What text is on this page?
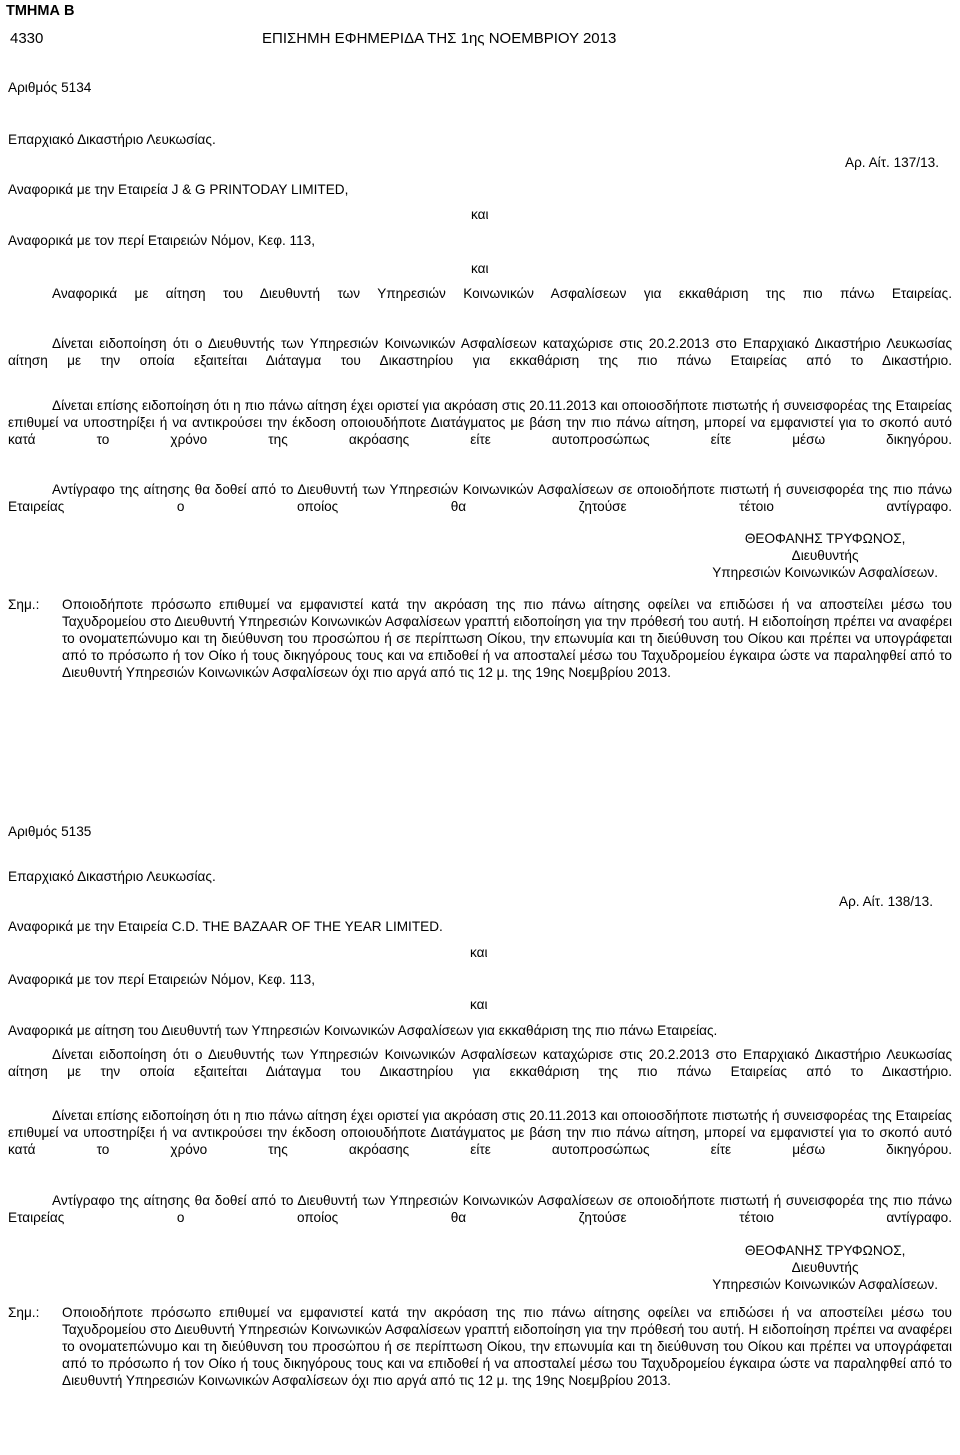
ΤΜΗΜΑ Β
4330	ΕΠΙΣΗΜΗ ΕΦΗΜΕΡΙΔΑ ΤΗΣ 1ης ΝΟΕΜΒΡΙΟΥ 2013
Αριθμός 5134
Επαρχιακό Δικαστήριο Λευκωσίας.
Αρ. Αίτ. 137/13.
Αναφορικά με την Εταιρεία J & G PRINTODAY LIMITED,
και
Αναφορικά με τον περί Εταιρειών Νόμον, Κεφ. 113,
και
Αναφορικά με αίτηση του Διευθυντή των Υπηρεσιών Κοινωνικών Ασφαλίσεων για εκκαθάριση της πιο πάνω Εταιρείας.
Δίνεται ειδοποίηση ότι ο Διευθυντής των Υπηρεσιών Κοινωνικών Ασφαλίσεων καταχώρισε στις 20.2.2013 στο Επαρχιακό Δικαστήριο Λευκωσίας αίτηση με την οποία εξαιτείται Διάταγμα του Δικαστηρίου για εκκαθάριση της πιο πάνω Εταιρείας από το Δικαστήριο.
Δίνεται επίσης ειδοποίηση ότι η πιο πάνω αίτηση έχει οριστεί για ακρόαση στις 20.11.2013 και οποιοσδήποτε πιστωτής ή συνεισφορέας της Εταιρείας επιθυμεί να υποστηρίξει ή να αντικρούσει την έκδοση οποιουδήποτε Διατάγματος με βάση την πιο πάνω αίτηση, μπορεί να εμφανιστεί για το σκοπό αυτό κατά το χρόνο της ακρόασης είτε αυτοπροσώπως είτε μέσω δικηγόρου.
Αντίγραφο της αίτησης θα δοθεί από το Διευθυντή των Υπηρεσιών Κοινωνικών Ασφαλίσεων σε οποιοδήποτε πιστωτή ή συνεισφορέα της πιο πάνω Εταιρείας ο οποίος θα ζητούσε τέτοιο αντίγραφο.
ΘΕΟΦΑΝΗΣ ΤΡΥΦΩΝΟΣ,
Διευθυντής
Υπηρεσιών Κοινωνικών Ασφαλίσεων.
Σημ.: Οποιοδήποτε πρόσωπο επιθυμεί να εμφανιστεί κατά την ακρόαση της πιο πάνω αίτησης οφείλει να επιδώσει ή να αποστείλει μέσω του Ταχυδρομείου στο Διευθυντή Υπηρεσιών Κοινωνικών Ασφαλίσεων γραπτή ειδοποίηση για την πρόθεσή του αυτή. Η ειδοποίηση πρέπει να αναφέρει το ονοματεπώνυμο και τη διεύθυνση του προσώπου ή σε περίπτωση Οίκου, την επωνυμία και τη διεύθυνση του Οίκου και πρέπει να υπογράφεται από το πρόσωπο ή τον Οίκο ή τους δικηγόρους τους και να επιδοθεί ή να αποσταλεί μέσω του Ταχυδρομείου έγκαιρα ώστε να παραληφθεί από το Διευθυντή Υπηρεσιών Κοινωνικών Ασφαλίσεων όχι πιο αργά από τις 12 μ. της 19ης Νοεμβρίου 2013.
Αριθμός 5135
Επαρχιακό Δικαστήριο Λευκωσίας.
Αρ. Αίτ. 138/13.
Αναφορικά με την Εταιρεία C.D. THE BAZAAR OF THE YEAR LIMITED.
και
Αναφορικά με τον περί Εταιρειών Νόμον, Κεφ. 113,
και
Αναφορικά με αίτηση του Διευθυντή των Υπηρεσιών Κοινωνικών Ασφαλίσεων για εκκαθάριση της πιο πάνω Εταιρείας.
Δίνεται ειδοποίηση ότι ο Διευθυντής των Υπηρεσιών Κοινωνικών Ασφαλίσεων καταχώρισε στις 20.2.2013 στο Επαρχιακό Δικαστήριο Λευκωσίας αίτηση με την οποία εξαιτείται Διάταγμα του Δικαστηρίου για εκκαθάριση της πιο πάνω Εταιρείας από το Δικαστήριο.
Δίνεται επίσης ειδοποίηση ότι η πιο πάνω αίτηση έχει οριστεί για ακρόαση στις 20.11.2013 και οποιοσδήποτε πιστωτής ή συνεισφορέας της Εταιρείας επιθυμεί να υποστηρίξει ή να αντικρούσει την έκδοση οποιουδήποτε Διατάγματος με βάση την πιο πάνω αίτηση, μπορεί να εμφανιστεί για το σκοπό αυτό κατά το χρόνο της ακρόασης είτε αυτοπροσώπως είτε μέσω δικηγόρου.
Αντίγραφο της αίτησης θα δοθεί από το Διευθυντή των Υπηρεσιών Κοινωνικών Ασφαλίσεων σε οποιοδήποτε πιστωτή ή συνεισφορέα της πιο πάνω Εταιρείας ο οποίος θα ζητούσε τέτοιο αντίγραφο.
ΘΕΟΦΑΝΗΣ ΤΡΥΦΩΝΟΣ,
Διευθυντής
Υπηρεσιών Κοινωνικών Ασφαλίσεων.
Σημ.: Οποιοδήποτε πρόσωπο επιθυμεί να εμφανιστεί κατά την ακρόαση της πιο πάνω αίτησης οφείλει να επιδώσει ή να αποστείλει μέσω του Ταχυδρομείου στο Διευθυντή Υπηρεσιών Κοινωνικών Ασφαλίσεων γραπτή ειδοποίηση για την πρόθεσή του αυτή. Η ειδοποίηση πρέπει να αναφέρει το ονοματεπώνυμο και τη διεύθυνση του προσώπου ή σε περίπτωση Οίκου, την επωνυμία και τη διεύθυνση του Οίκου και πρέπει να υπογράφεται από το πρόσωπο ή τον Οίκο ή τους δικηγόρους τους και να επιδοθεί ή να αποσταλεί μέσω του Ταχυδρομείου έγκαιρα ώστε να παραληφθεί από το Διευθυντή Υπηρεσιών Κοινωνικών Ασφαλίσεων όχι πιο αργά από τις 12 μ. της 19ης Νοεμβρίου 2013.
